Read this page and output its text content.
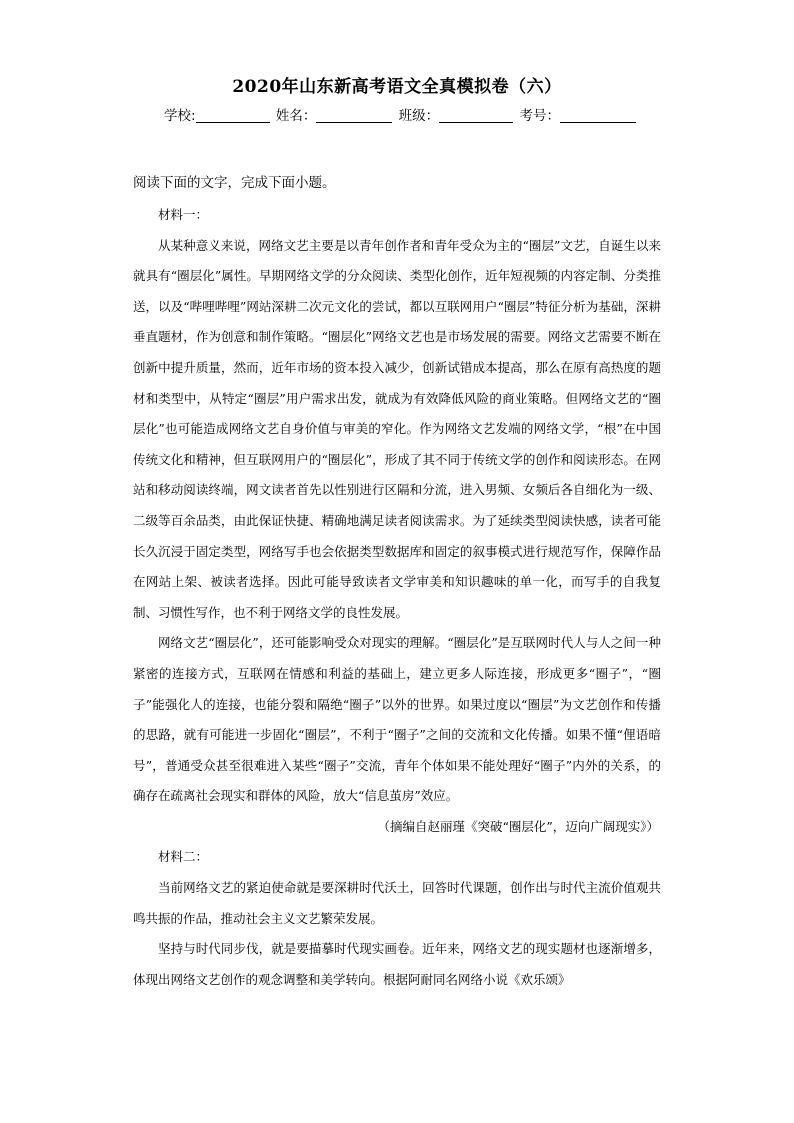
2020年山东新高考语文全真模拟卷（六）
学校:	姓名：	班级：	考号：
阅读下面的文字，完成下面小题。

材料一：

从某种意义来说，网络文艺主要是以青年创作者和青年受众为主的“圈层”文艺，自诞生以来就具有“圈层化”属性。早期网络文学的分众阅读、类型化创作，近年短视频的内容定制、分类推送，以及“哔哩哔哩”网站深耕二次元文化的尝试，都以互联网用户“圈层”特征分析为基础，深耕垂直题材，作为创意和制作策略。“圈层化”网络文艺也是市场发展的需要。网络文艺需要不断在创新中提升质量，然而，近年市场的资本投入减少，创新试错成本提高，那么在原有高热度的题材和类型中，从特定“圈层”用户需求出发，就成为有效降低风险的商业策略。但网络文艺的“圈层化”也可能造成网络文艺自身价值与审美的窄化。作为网络文艺发端的网络文学，“根”在中国传统文化和精神，但互联网用户的“圈层化”，形成了其不同于传统文学的创作和阅读形态。在网站和移动阅读终端，网文读者首先以性别进行区隔和分流，进入男频、女频后各自细化为一级、二级等百余品类，由此保证快捷、精确地满足读者阅读需求。为了延续类型阅读快感，读者可能长久沉浸于固定类型，网络写手也会依据类型数据库和固定的叙事模式进行规范写作，保障作品在网站上架、被读者选择。因此可能导致读者文学审美和知识趣味的单一化，而写手的自我复制、习惯性写作，也不利于网络文学的良性发展。

网络文艺“圈层化”，还可能影响受众对现实的理解。“圈层化”是互联网时代人与人之间一种紧密的连接方式，互联网在情感和利益的基础上，建立更多人际连接，形成更多“圈子”，“圈子”能强化人的连接，也能分裂和隔绝“圈子”以外的世界。如果过度以“圈层”为文艺创作和传播的思路，就有可能进一步固化“圈层”，不利于“圈子”之间的交流和文化传播。如果不懂“俚语暗号”，普通受众甚至很难进入某些“圈子”交流，青年个体如果不能处理好“圈子”内外的关系，的确存在疏离社会现实和群体的风险，放大“信息茧房”效应。

（摘编自赵丽瑾《突破“圈层化”，迈向广阔现实》）

材料二：

当前网络文艺的紧迫使命就是要深耕时代沃土，回答时代课题，创作出与时代主流价值观共鸣共振的作品，推动社会主义文艺繁荣发展。

坚持与时代同步伐，就是要描摹时代现实画卷。近年来，网络文艺的现实题材也逐渐增多，体现出网络文艺创作的观念调整和美学转向。根据阿耐同名网络小说《欢乐颂》
